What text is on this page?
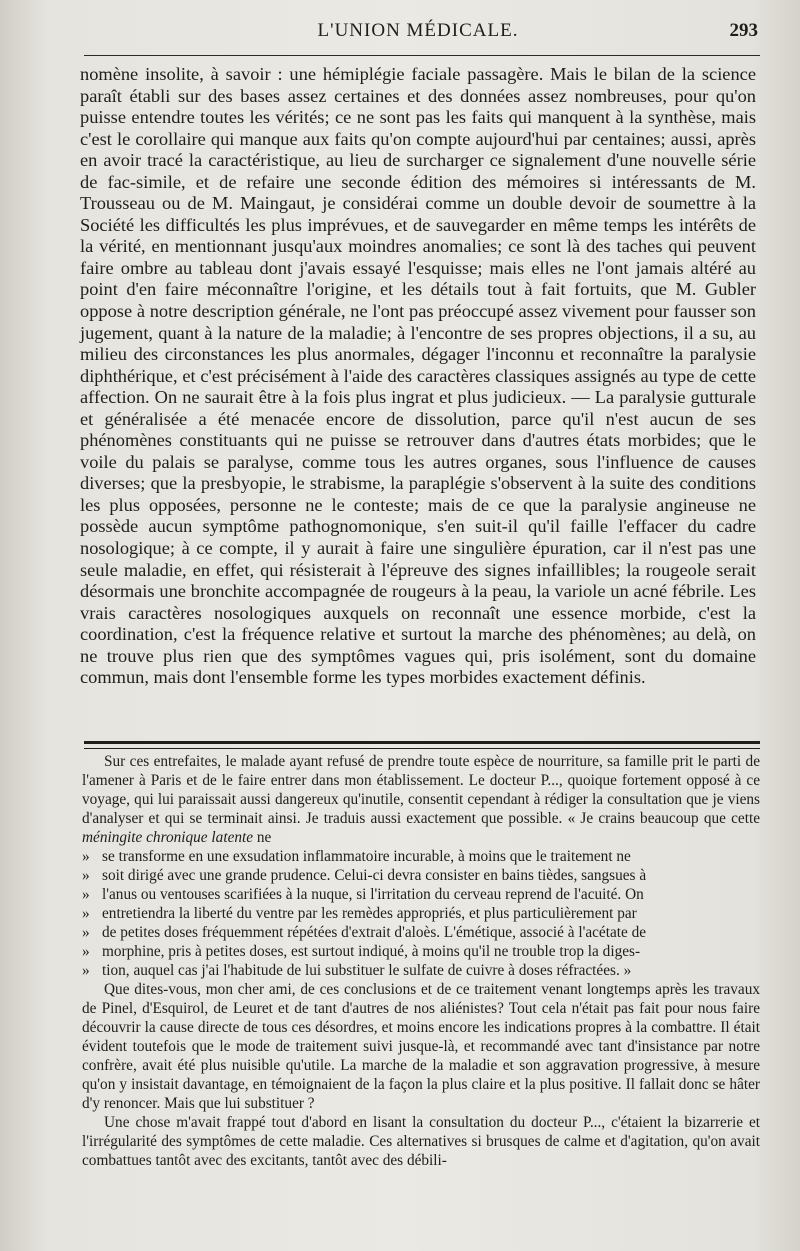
L'UNION MÉDICALE.	293

nomène insolite, à savoir : une hémiplégie faciale passagère. Mais le bilan de la science paraît établi sur des bases assez certaines et des données assez nombreuses, pour qu'on puisse entendre toutes les vérités; ce ne sont pas les faits qui manquent à la synthèse, mais c'est le corollaire qui manque aux faits qu'on compte aujourd'hui par centaines; aussi, après en avoir tracé la caractéristique, au lieu de surcharger ce signalement d'une nouvelle série de fac-simile, et de refaire une seconde édition des mémoires si intéressants de M. Trousseau ou de M. Maingaut, je considérai comme un double devoir de soumettre à la Société les difficultés les plus imprévues, et de sauvegarder en même temps les intérêts de la vérité, en mentionnant jusqu'aux moindres anomalies; ce sont là des taches qui peuvent faire ombre au tableau dont j'avais essayé l'esquisse; mais elles ne l'ont jamais altéré au point d'en faire méconnaître l'origine, et les détails tout à fait fortuits, que M. Gubler oppose à notre description générale, ne l'ont pas préoccupé assez vivement pour fausser son jugement, quant à la nature de la maladie; à l'encontre de ses propres objections, il a su, au milieu des circonstances les plus anormales, dégager l'inconnu et reconnaître la paralysie diphthérique, et c'est précisément à l'aide des caractères classiques assignés au type de cette affection. On ne saurait être à la fois plus ingrat et plus judicieux. — La paralysie gutturale et généralisée a été menacée encore de dissolution, parce qu'il n'est aucun de ses phénomènes constituants qui ne puisse se retrouver dans d'autres états morbides; que le voile du palais se paralyse, comme tous les autres organes, sous l'influence de causes diverses; que la presbyopie, le strabisme, la paraplégie s'observent à la suite des conditions les plus opposées, personne ne le conteste; mais de ce que la paralysie angineuse ne possède aucun symptôme pathognomonique, s'en suit-il qu'il faille l'effacer du cadre nosologique; à ce compte, il y aurait à faire une singulière épuration, car il n'est pas une seule maladie, en effet, qui résisterait à l'épreuve des signes infaillibles; la rougeole serait désormais une bronchite accompagnée de rougeurs à la peau, la variole un acné fébrile. Les vrais caractères nosologiques auxquels on reconnaît une essence morbide, c'est la coordination, c'est la fréquence relative et surtout la marche des phénomènes; au delà, on ne trouve plus rien que des symptômes vagues qui, pris isolément, sont du domaine commun, mais dont l'ensemble forme les types morbides exactement définis.

Sur ces entrefaites, le malade ayant refusé de prendre toute espèce de nourriture, sa famille prit le parti de l'amener à Paris et de le faire entrer dans mon établissement. Le docteur P..., quoique fortement opposé à ce voyage, qui lui paraissait aussi dangereux qu'inutile, consentit cependant à rédiger la consultation que je viens d'analyser et qui se terminait ainsi. Je traduis aussi exactement que possible. « Je crains beaucoup que cette méningite chronique latente ne

» se transforme en une exsudation inflammatoire incurable, à moins que le traitement ne
» soit dirigé avec une grande prudence. Celui-ci devra consister en bains tièdes, sangsues à
» l'anus ou ventouses scarifiées à la nuque, si l'irritation du cerveau reprend de l'acuité. On
» entretiendra la liberté du ventre par les remèdes appropriés, et plus particulièrement par
» de petites doses fréquemment répétées d'extrait d'aloès. L'émétique, associé à l'acétate de
» morphine, pris à petites doses, est surtout indiqué, à moins qu'il ne trouble trop la diges-
» tion, auquel cas j'ai l'habitude de lui substituer le sulfate de cuivre à doses réfractées. »

Que dites-vous, mon cher ami, de ces conclusions et de ce traitement venant longtemps après les travaux de Pinel, d'Esquirol, de Leuret et de tant d'autres de nos aliénistes? Tout cela n'était pas fait pour nous faire découvrir la cause directe de tous ces désordres, et moins encore les indications propres à la combattre. Il était évident toutefois que le mode de traitement suivi jusque-là, et recommandé avec tant d'insistance par notre confrère, avait été plus nuisible qu'utile. La marche de la maladie et son aggravation progressive, à mesure qu'on y insistait davantage, en témoignaient de la façon la plus claire et la plus positive. Il fallait donc se hâter d'y renoncer. Mais que lui substituer ?

Une chose m'avait frappé tout d'abord en lisant la consultation du docteur P..., c'étaient la bizarrerie et l'irrégularité des symptômes de cette maladie. Ces alternatives si brusques de calme et d'agitation, qu'on avait combattues tantôt avec des excitants, tantôt avec des débili-
